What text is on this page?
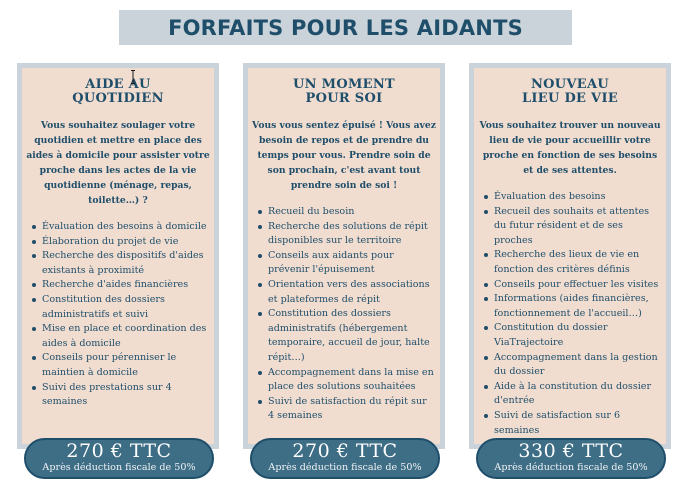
FORFAITS POUR LES AIDANTS
AIDE AU
QUOTIDIEN

Vous souhaitez soulager votre quotidien et mettre en place des aides à domicile pour assister votre proche dans les actes de la vie quotidienne (ménage, repas, toilette…) ?

Évaluation des besoins à domicile
Élaboration du projet de vie
Recherche des dispositifs d'aides existants à proximité
Recherche d'aides financières
Constitution des dossiers administratifs et suivi
Mise en place et coordination des aides à domicile
Conseils pour pérenniser le maintien à domicile
Suivi des prestations sur 4 semaines
UN MOMENT
POUR SOI

Vous vous sentez épuisé ! Vous avez besoin de repos et de prendre du temps pour vous. Prendre soin de son prochain, c'est avant tout prendre soin de soi !

Recueil du besoin
Recherche des solutions de répit disponibles sur le territoire
Conseils aux aidants pour prévenir l'épuisement
Orientation vers des associations et plateformes de répit
Constitution des dossiers administratifs (hébergement temporaire, accueil de jour, halte répit…)
Accompagnement dans la mise en place des solutions souhaitées
Suivi de satisfaction du répit sur 4 semaines
NOUVEAU
LIEU DE VIE

Vous souhaitez trouver un nouveau lieu de vie pour accueillir votre proche en fonction de ses besoins et de ses attentes.

Évaluation des besoins
Recueil des souhaits et attentes du futur résident et de ses proches
Recherche des lieux de vie en fonction des critères définis
Conseils pour effectuer les visites
Informations (aides financières, fonctionnement de l'accueil…)
Constitution du dossier ViaTrajectoire
Accompagnement dans la gestion du dossier
Aide à la constitution du dossier d'entrée
Suivi de satisfaction sur 6 semaines
270 € TTC
Après déduction fiscale de 50%
270 € TTC
Après déduction fiscale de 50%
330 € TTC
Après déduction fiscale de 50%
